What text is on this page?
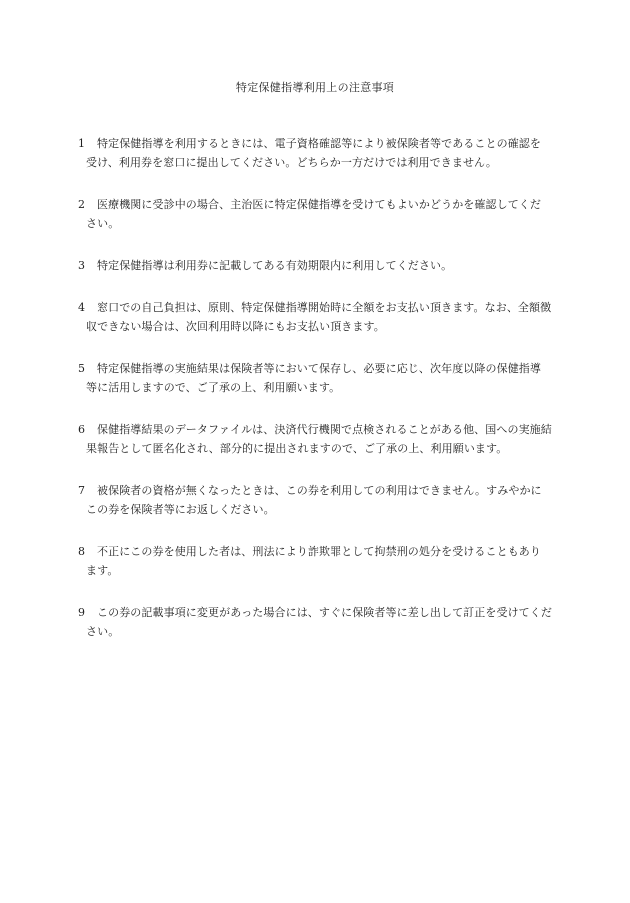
特定保健指導利用上の注意事項
1 特定保健指導を利用するときには、電子資格確認等により被保険者等であることの確認を受け、利用券を窓口に提出してください。どちらか一方だけでは利用できません。
2 医療機関に受診中の場合、主治医に特定保健指導を受けてもよいかどうかを確認してください。
3 特定保健指導は利用券に記載してある有効期限内に利用してください。
4 窓口での自己負担は、原則、特定保健指導開始時に全額をお支払い頂きます。なお、全額徴収できない場合は、次回利用時以降にもお支払い頂きます。
5 特定保健指導の実施結果は保険者等において保存し、必要に応じ、次年度以降の保健指導等に活用しますので、ご了承の上、利用願います。
6 保健指導結果のデータファイルは、決済代行機関で点検されることがある他、国への実施結果報告として匿名化され、部分的に提出されますので、ご了承の上、利用願います。
7 被保険者の資格が無くなったときは、この券を利用しての利用はできません。すみやかにこの券を保険者等にお返しください。
8 不正にこの券を使用した者は、刑法により詐欺罪として拘禁刑の処分を受けることもあります。
9 この券の記載事項に変更があった場合には、すぐに保険者等に差し出して訂正を受けてください。
